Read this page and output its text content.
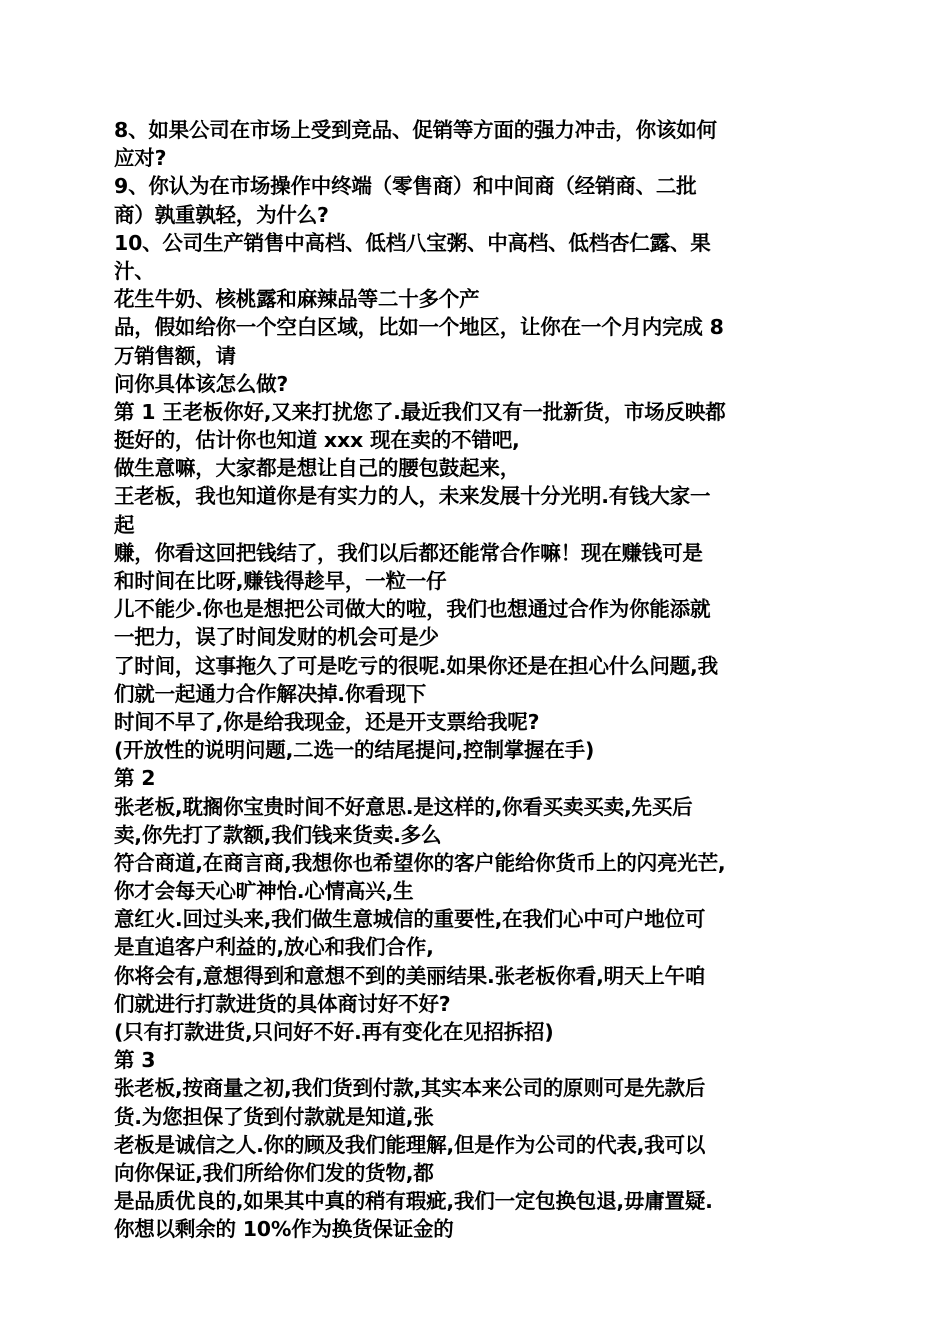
8、如果公司在市场上受到竞品、促销等方面的强力冲击，你该如何
应对?
9、你认为在市场操作中终端（零售商）和中间商（经销商、二批
商）孰重孰轻，为什么?
10、公司生产销售中高档、低档八宝粥、中高档、低档杏仁露、果
汁、
花生牛奶、核桃露和麻辣品等二十多个产
品，假如给你一个空白区域，比如一个地区，让你在一个月内完成 8
万销售额，请
问你具体该怎么做?
第 1 王老板你好,又来打扰您了.最近我们又有一批新货，市场反映都
挺好的，估计你也知道 xxx 现在卖的不错吧,
做生意嘛，大家都是想让自己的腰包鼓起来，
王老板，我也知道你是有实力的人，未来发展十分光明.有钱大家一
起
赚，你看这回把钱结了，我们以后都还能常合作嘛！现在赚钱可是
和时间在比呀,赚钱得趁早，一粒一仔
儿不能少.你也是想把公司做大的啦，我们也想通过合作为你能添就
一把力，误了时间发财的机会可是少
了时间，这事拖久了可是吃亏的很呢.如果你还是在担心什么问题,我
们就一起通力合作解决掉.你看现下
时间不早了,你是给我现金，还是开支票给我呢?
(开放性的说明问题,二选一的结尾提问,控制掌握在手)
第 2
张老板,耽搁你宝贵时间不好意思.是这样的,你看买卖买卖,先买后
卖,你先打了款额,我们钱来货卖.多么
符合商道,在商言商,我想你也希望你的客户能给你货币上的闪亮光芒,
你才会每天心旷神怡.心情高兴,生
意红火.回过头来,我们做生意城信的重要性,在我们心中可户地位可
是直追客户利益的,放心和我们合作,
你将会有,意想得到和意想不到的美丽结果.张老板你看,明天上午咱
们就进行打款进货的具体商讨好不好?
(只有打款进货,只问好不好.再有变化在见招拆招)
第 3
张老板,按商量之初,我们货到付款,其实本来公司的原则可是先款后
货.为您担保了货到付款就是知道,张
老板是诚信之人.你的顾及我们能理解,但是作为公司的代表,我可以
向你保证,我们所给你们发的货物,都
是品质优良的,如果其中真的稍有瑕疵,我们一定包换包退,毋庸置疑.
你想以剩余的 10%作为换货保证金的
